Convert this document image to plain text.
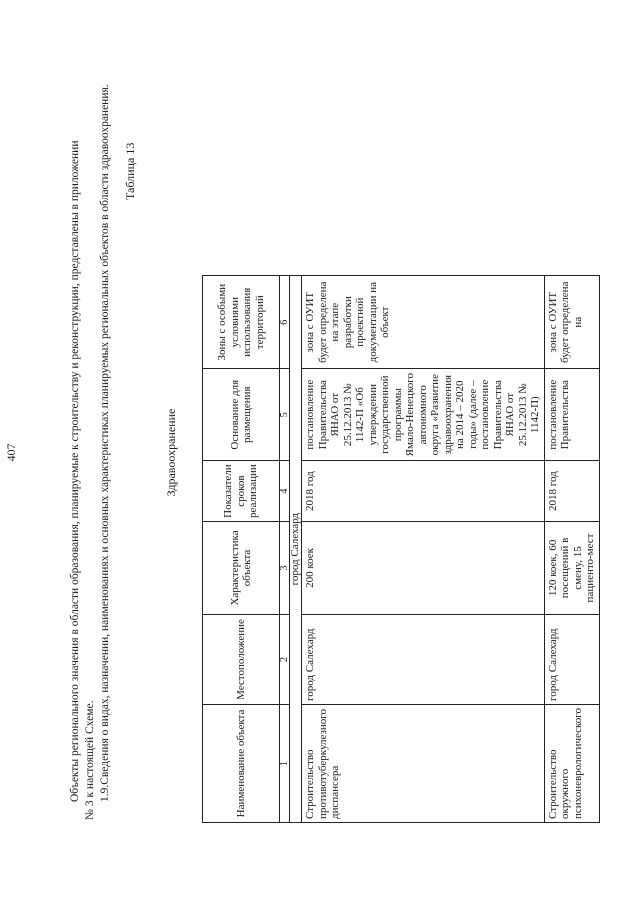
407	Объекты регионального значения в области образования, планируемые к строительству и реконструкции, представлены в приложении № 3 к настоящей Схеме. 1.9.Сведения о видах, назначении, наименованиях и основных характеристиках планируемых региональных объектов в области здравоохранения. Таблица 13
Здравоохранение
Наименование объекта	Местоположение	Характеристика объекта	Показатели сроков реализации	Основание для размещения	Зоны с особыми условиями использования территорий
1	2	3	4	5	6
город Салехард					
Строительство противотуберкулезного диспансера	город Салехард	200 коек	2018 год	постановление Правительства ЯНАО от 25.12.2013 № 1142-П «Об утверждении государственной программы Ямало-Ненецкого автономного округа «Развитие здравоохранения на 2014 – 2020 годы» (далее – постановление Правительства ЯНАО от 25.12.2013 № 1142-П)	зона с ОУИТ будет определена на этапе разработки проектной документации на объект
Строительство окружного психоневрологического	город Салехард	120 коек, 60 посещений в смену, 15 пациенто-мест	2018 год	постановление Правительства	зона с ОУИТ будет определена на
